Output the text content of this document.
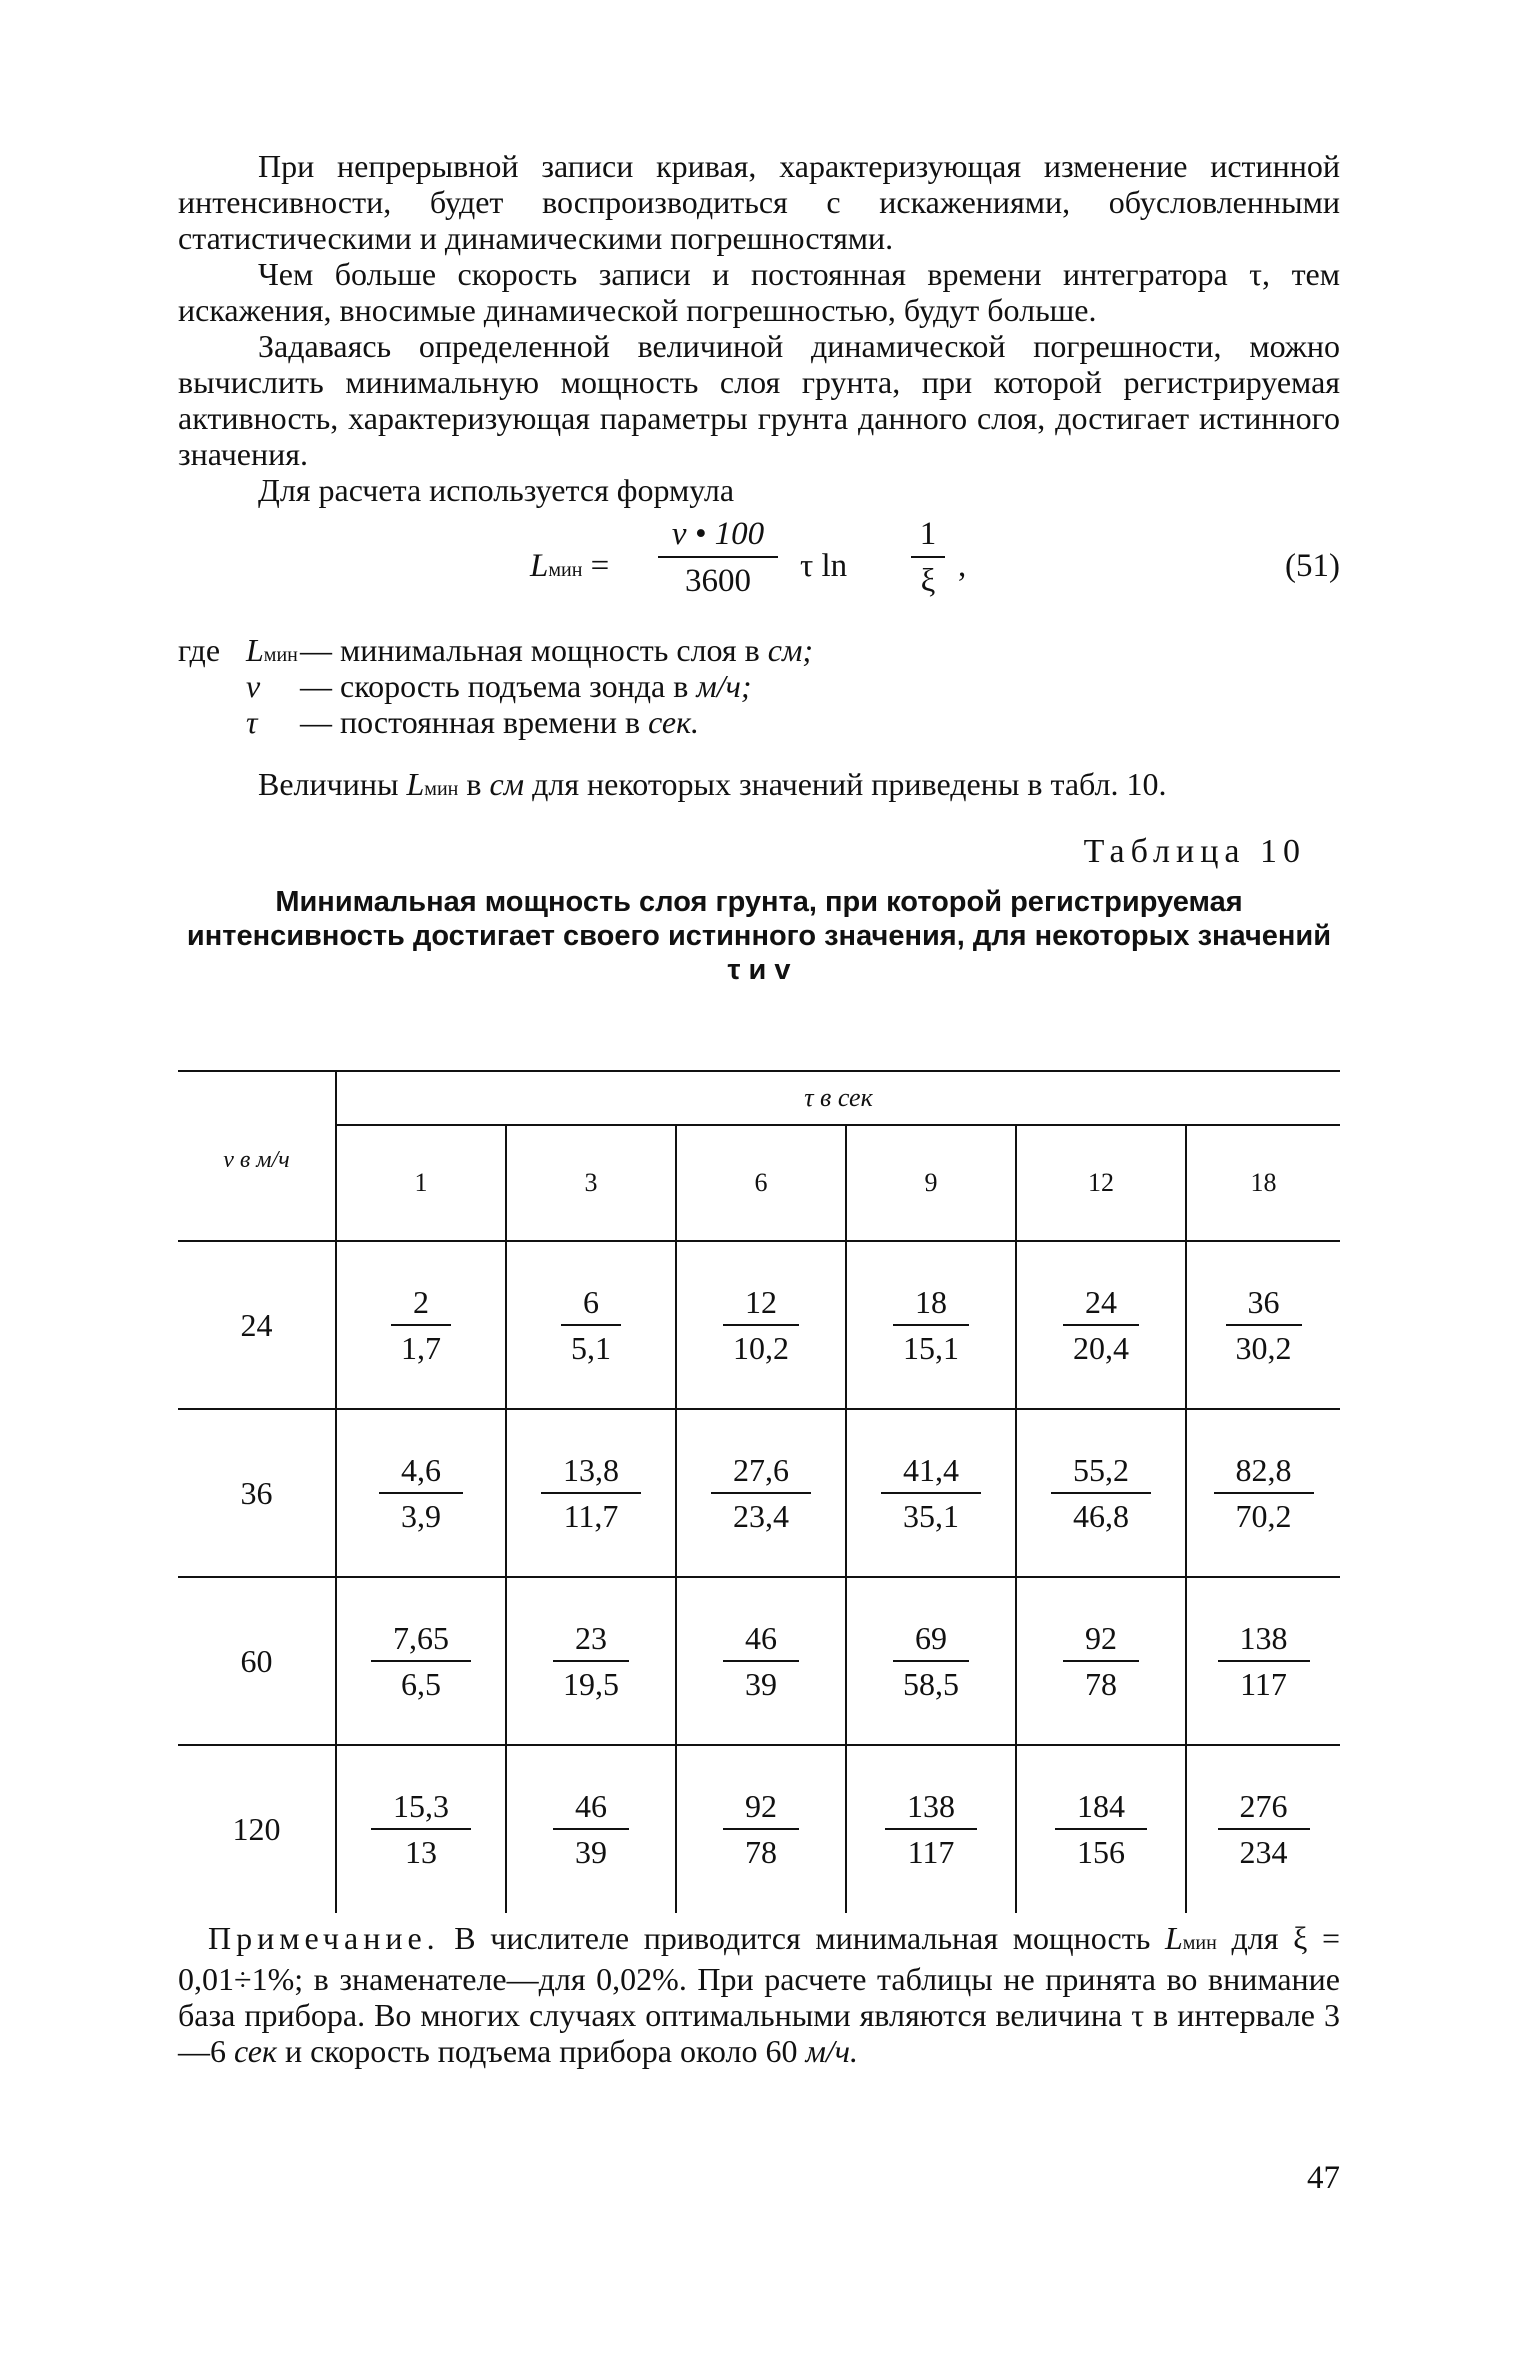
При непрерывной записи кривая, характеризующая изменение истинной интенсивности, будет воспроизводиться с искажениями, обусловленными статистическими и динамическими погрешностями.

Чем больше скорость записи и постоянная времени интегратора τ, тем искажения, вносимые динамической погрешностью, будут больше.

Задаваясь определенной величиной динамической погрешности, можно вычислить минимальную мощность слоя грунта, при которой регистрируемая активность, характеризующая параметры грунта данного слоя, достигает истинного значения.

Для расчета используется формула

Lмин =
v • 100
3600	τ ln
1
ξ ,	(51)
где Lмин — минимальная мощность слоя в см;
v — скорость подъема зонда в м/ч;
τ — постоянная времени в сек.

Величины Lмин в см для некоторых значений приведены в табл. 10.

Таблица 10
Минимальная мощность слоя грунта, при которой регистрируемая интенсивность достигает своего истинного значения, для некоторых значений τ и v
v в м/ч	τ в сек					
	1	3	6	9	12	18
24	$\frac{2}{1,7}$	$\frac{6}{5,1}$	$\frac{12}{10,2}$	$\frac{18}{15,1}$	$\frac{24}{20,4}$	$\frac{36}{30,2}$

36	$\frac{4,6}{3,9}$	$\frac{13,8}{11,7}$	$\frac{27,6}{23,4}$	$\frac{41,4}{35,1}$	$\frac{55,2}{46,8}$	$\frac{82,8}{70,2}$

60	$\frac{7,65}{6,5}$	$\frac{23}{19,5}$	$\frac{46}{39}$	$\frac{69}{58,5}$	$\frac{92}{78}$	$\frac{138}{117}$

120	$\frac{15,3}{13}$	$\frac{46}{39}$	$\frac{92}{78}$	$\frac{138}{117}$	$\frac{184}{156}$	$\frac{276}{234}$
Примечание. В числителе приводится минимальная мощность Lмин для ξ = 0,01÷1%; в знаменателе—для 0,02%. При расчете таблицы не принята во внимание база прибора. Во многих случаях оптимальными являются величина τ в интервале 3—6 сек и скорость подъема прибора около 60 м/ч.
47
